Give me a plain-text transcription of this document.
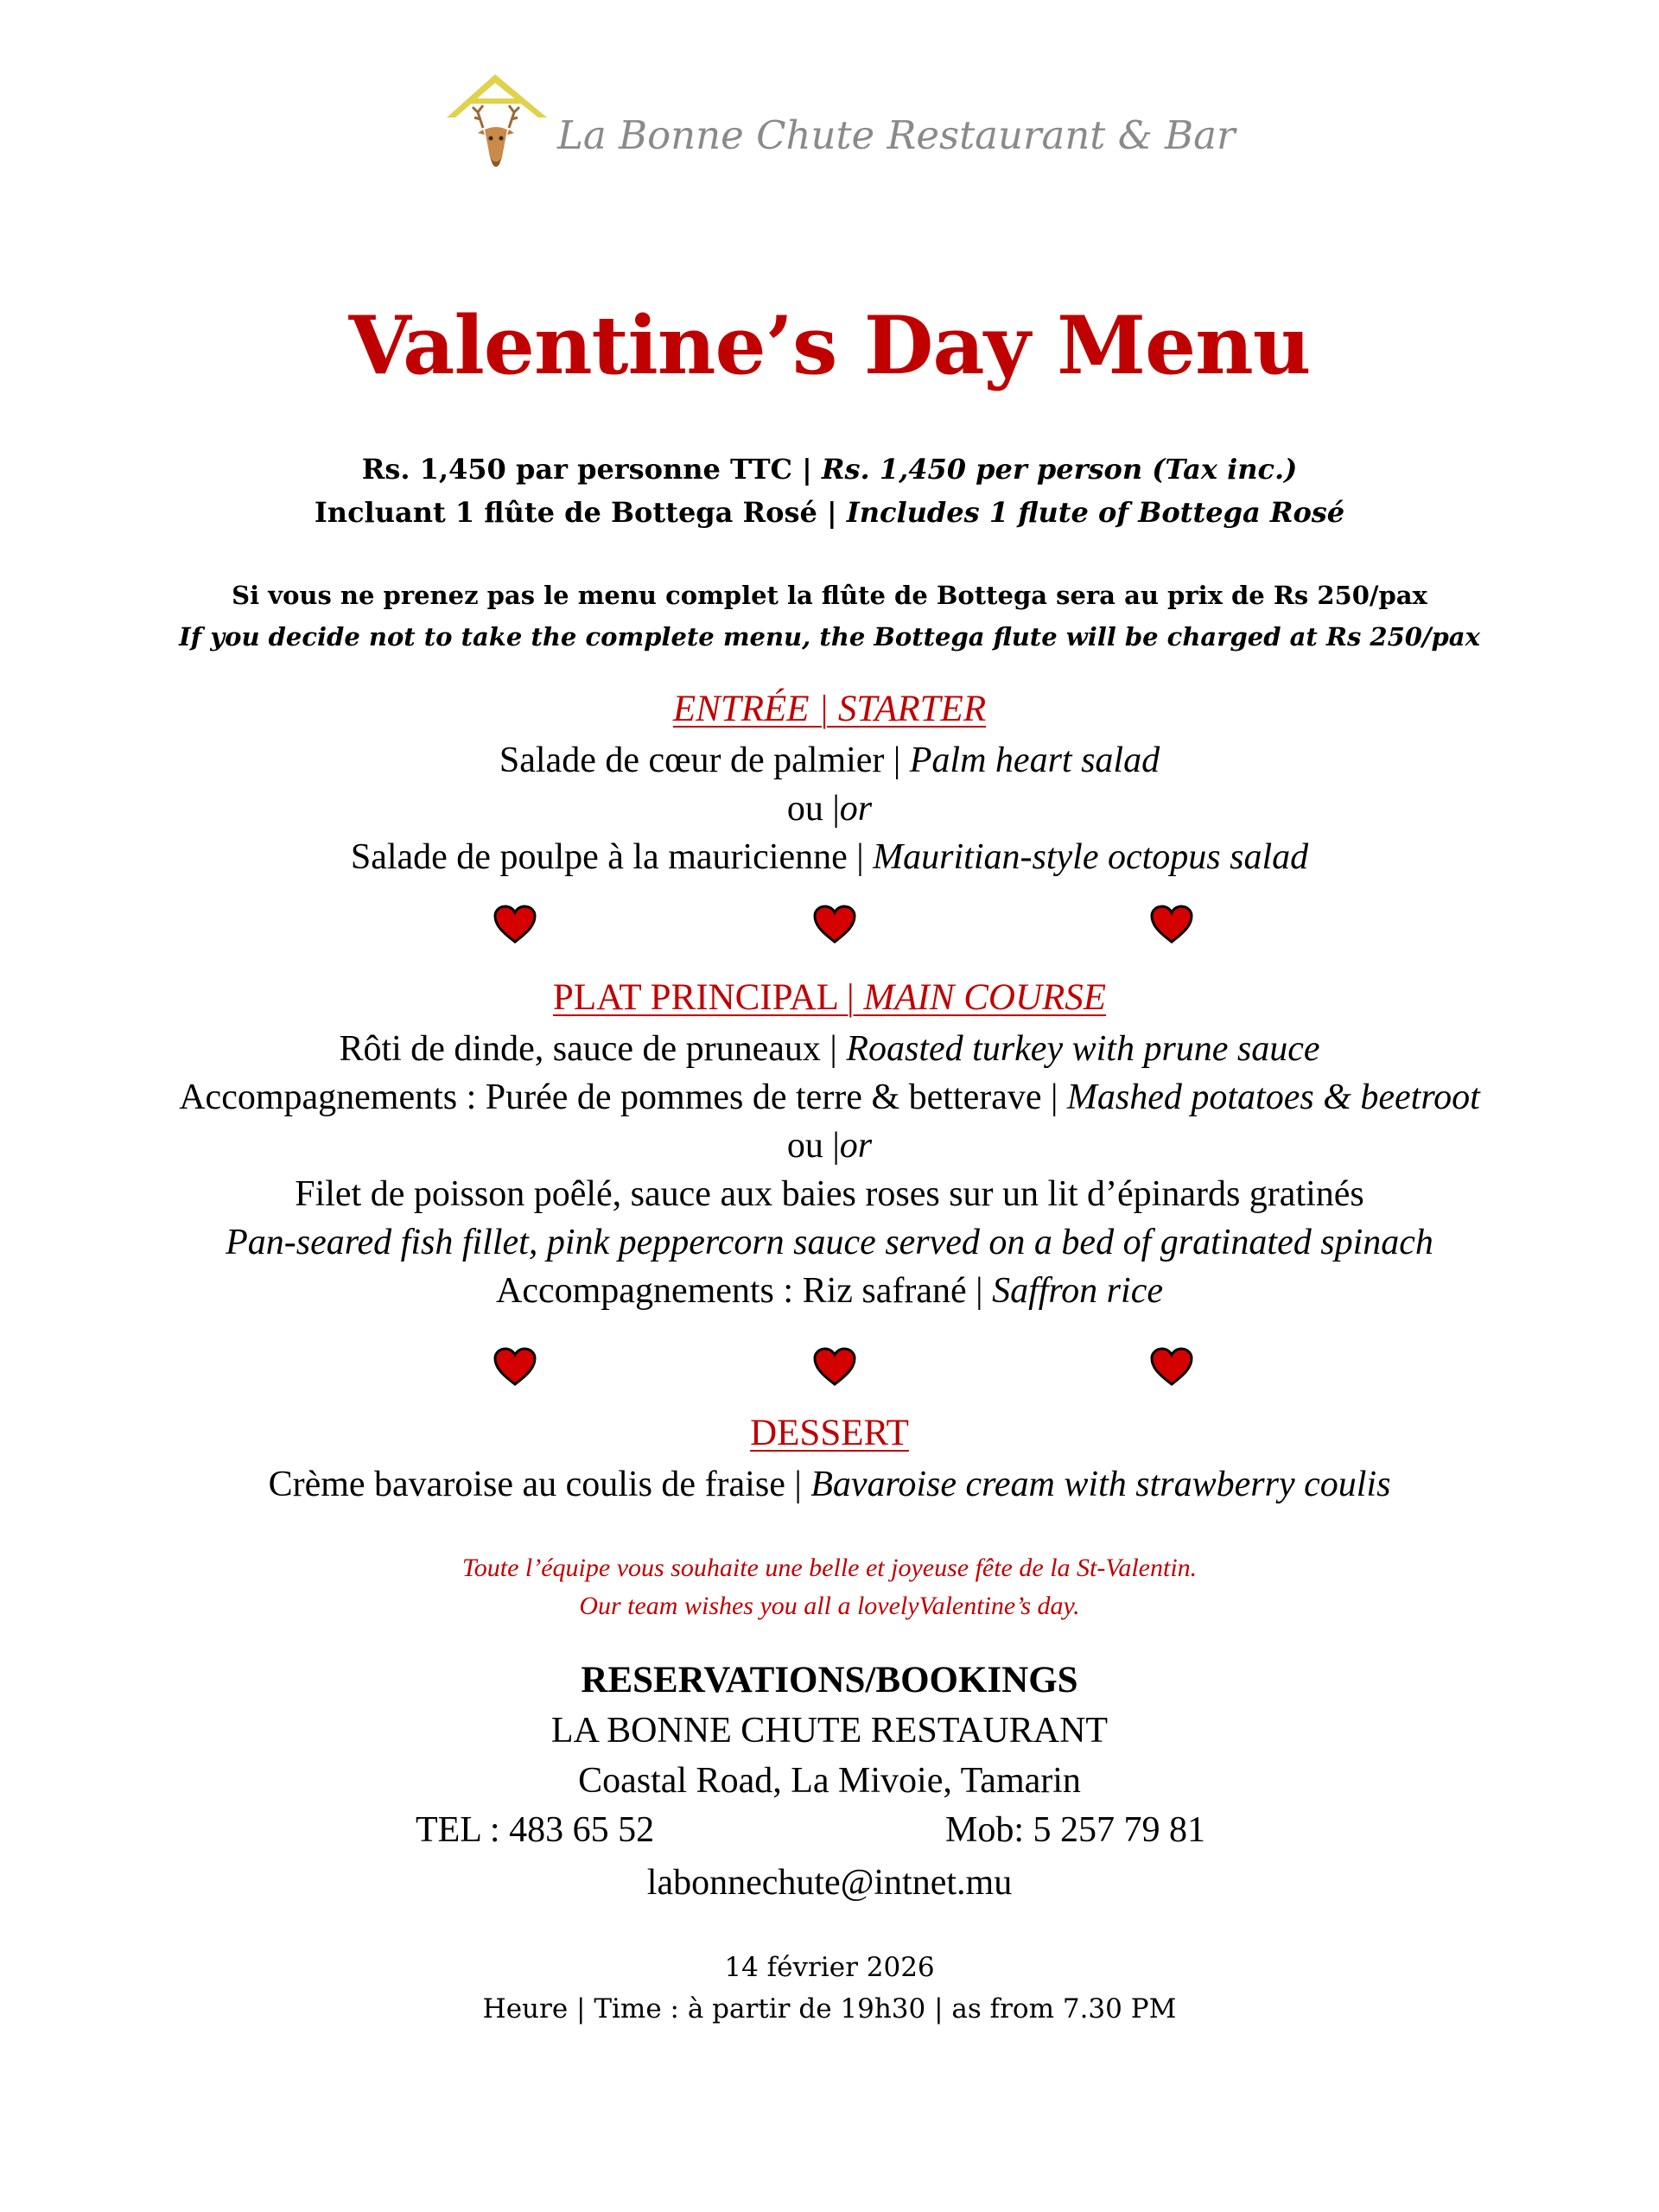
La Bonne Chute Restaurant & Bar
Valentine’s Day Menu
Rs. 1,450 par personne TTC | Rs. 1,450 per person (Tax inc.)
Incluant 1 flûte de Bottega Rosé | Includes 1 flute of Bottega Rosé
Si vous ne prenez pas le menu complet la flûte de Bottega sera au prix de Rs 250/pax
If you decide not to take the complete menu, the Bottega flute will be charged at Rs 250/pax
ENTRÉE | STARTER
Salade de cœur de palmier | Palm heart salad
ou |or
Salade de poulpe à la mauricienne | Mauritian-style octopus salad
PLAT PRINCIPAL | MAIN COURSE
Rôti de dinde, sauce de pruneaux | Roasted turkey with prune sauce
Accompagnements : Purée de pommes de terre & betterave | Mashed potatoes & beetroot
ou |or
Filet de poisson poêlé, sauce aux baies roses sur un lit d’épinards gratinés
Pan-seared fish fillet, pink peppercorn sauce served on a bed of gratinated spinach
Accompagnements : Riz safrané | Saffron rice
DESSERT
Crème bavaroise au coulis de fraise | Bavaroise cream with strawberry coulis
Toute l’équipe vous souhaite une belle et joyeuse fête de la St-Valentin.
Our team wishes you all a lovelyValentine’s day.
RESERVATIONS/BOOKINGS
LA BONNE CHUTE RESTAURANT
Coastal Road, La Mivoie, Tamarin
TEL : 483 65 52	Mob: 5 257 79 81
labonnechute@intnet.mu
14 février 2026
Heure | Time : à partir de 19h30 | as from 7.30 PM
